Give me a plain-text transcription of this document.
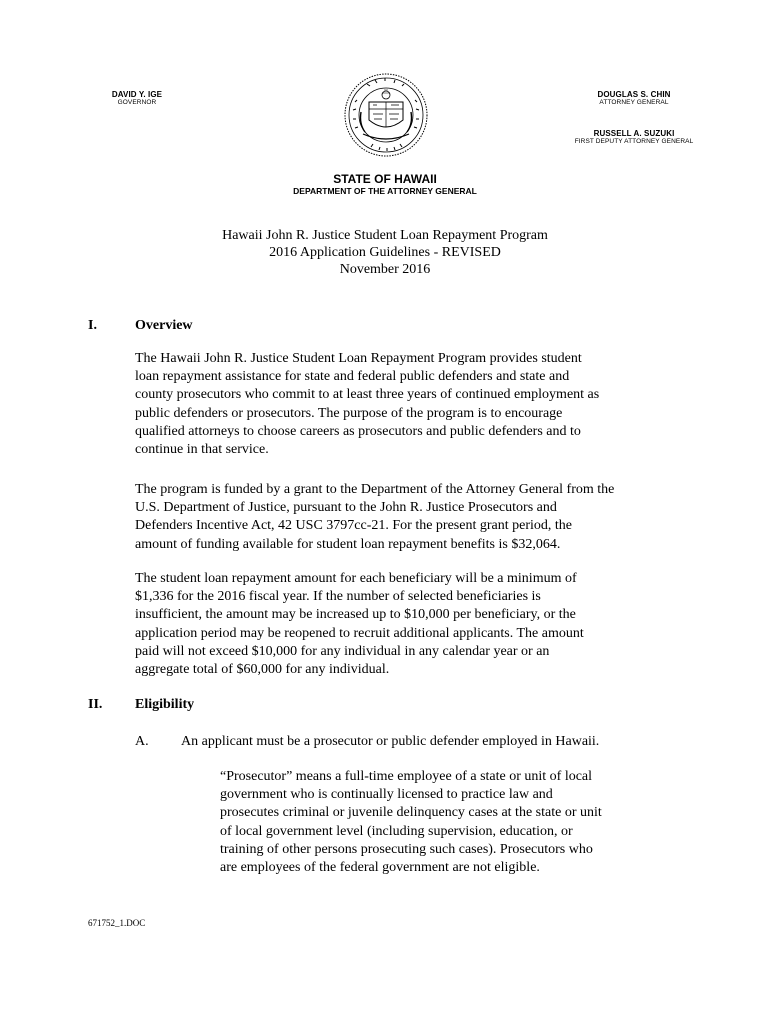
DAVID Y. IGE
GOVERNOR
DOUGLAS S. CHIN
ATTORNEY GENERAL
RUSSELL A. SUZUKI
FIRST DEPUTY ATTORNEY GENERAL
STATE OF HAWAII
DEPARTMENT OF THE ATTORNEY GENERAL
Hawaii John R. Justice Student Loan Repayment Program
2016 Application Guidelines - REVISED
November 2016
I.	Overview
The Hawaii John R. Justice Student Loan Repayment Program provides student
loan repayment assistance for state and federal public defenders and state and
county prosecutors who commit to at least three years of continued employment as
public defenders or prosecutors. The purpose of the program is to encourage
qualified attorneys to choose careers as prosecutors and public defenders and to
continue in that service.
The program is funded by a grant to the Department of the Attorney General from the
U.S. Department of Justice, pursuant to the John R. Justice Prosecutors and
Defenders Incentive Act, 42 USC 3797cc-21. For the present grant period, the
amount of funding available for student loan repayment benefits is $32,064.
The student loan repayment amount for each beneficiary will be a minimum of
$1,336 for the 2016 fiscal year. If the number of selected beneficiaries is
insufficient, the amount may be increased up to $10,000 per beneficiary, or the
application period may be reopened to recruit additional applicants. The amount
paid will not exceed $10,000 for any individual in any calendar year or an
aggregate total of $60,000 for any individual.
II. Eligibility
A. An applicant must be a prosecutor or public defender employed in Hawaii.
“Prosecutor” means a full-time employee of a state or unit of local
government who is continually licensed to practice law and
prosecutes criminal or juvenile delinquency cases at the state or unit
of local government level (including supervision, education, or
training of other persons prosecuting such cases). Prosecutors who
are employees of the federal government are not eligible.
671752_1.DOC
